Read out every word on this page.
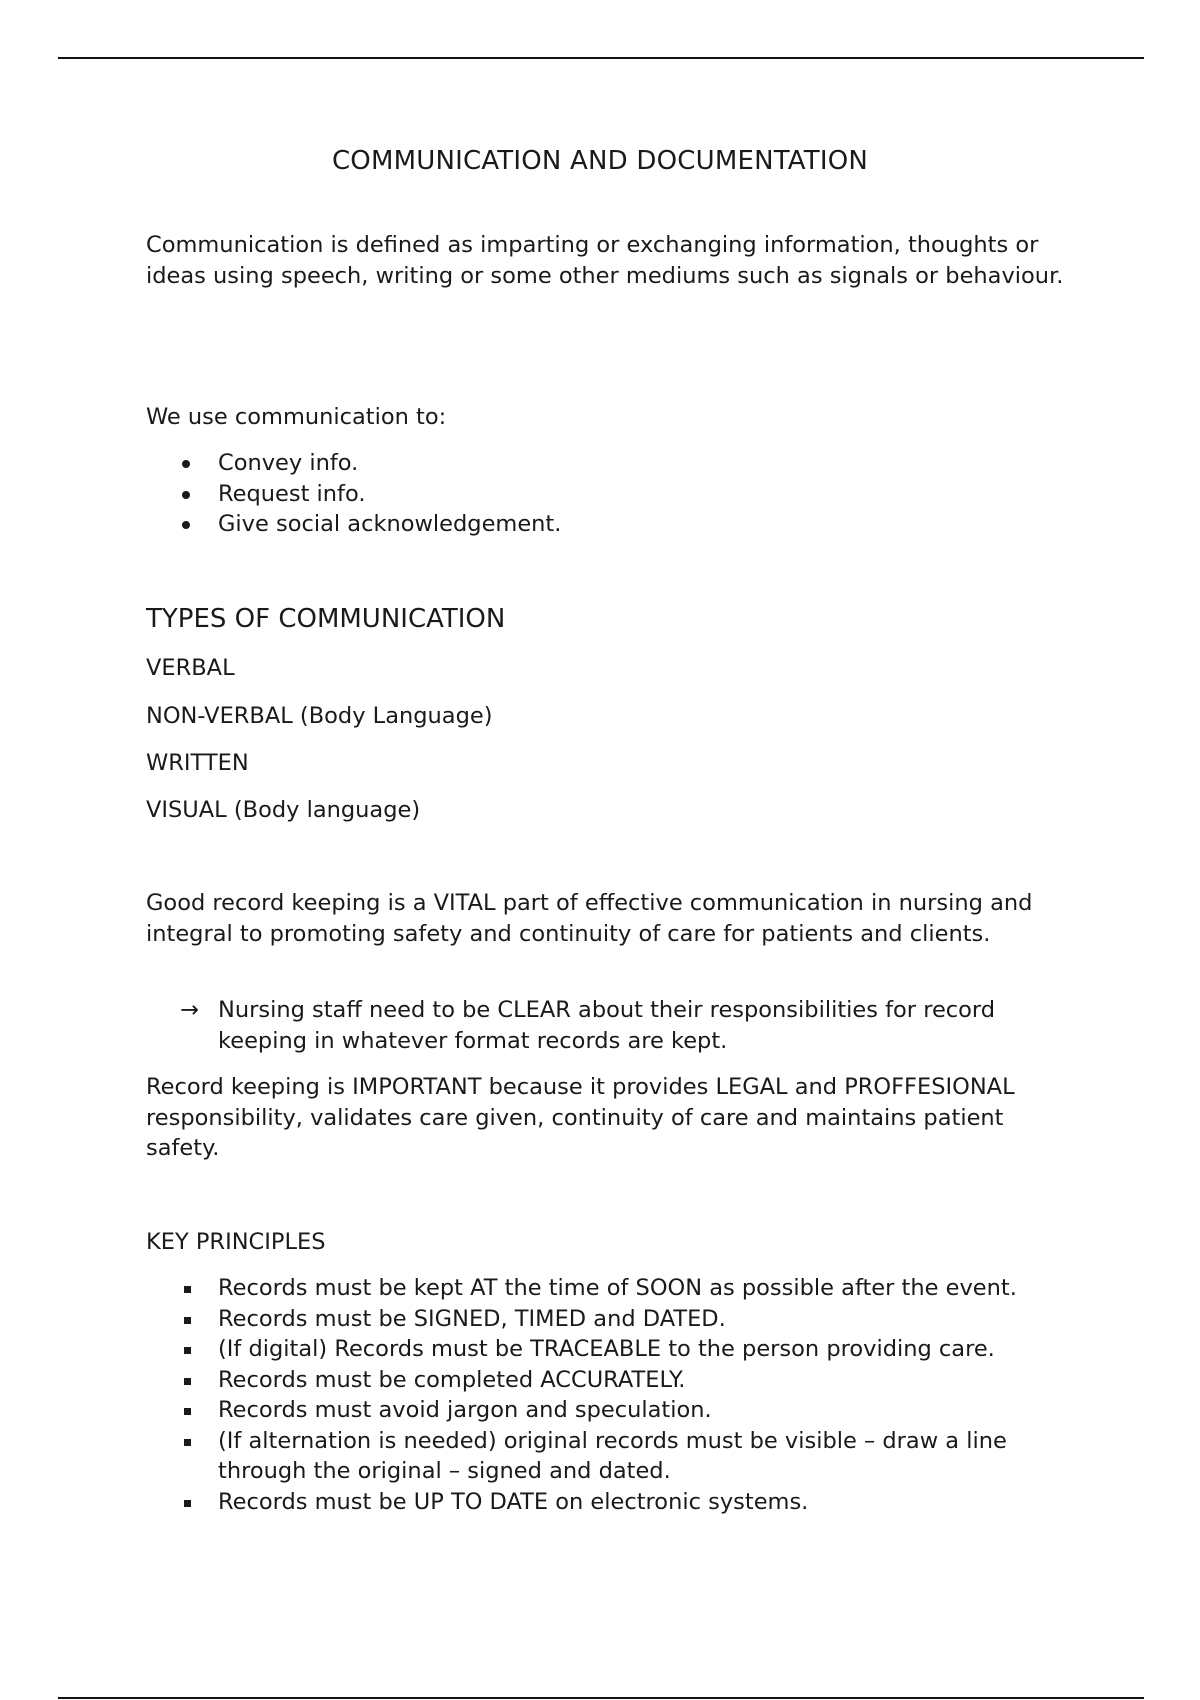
COMMUNICATION AND DOCUMENTATION

Communication is defined as imparting or exchanging information, thoughts or ideas using speech, writing or some other mediums such as signals or behaviour.

We use communication to:

Convey info.
Request info.
Give social acknowledgement.
TYPES OF COMMUNICATION

VERBAL

NON-VERBAL (Body Language)

WRITTEN

VISUAL (Body language)

Good record keeping is a VITAL part of effective communication in nursing and integral to promoting safety and continuity of care for patients and clients.

→ Nursing staff need to be CLEAR about their responsibilities for record keeping in whatever format records are kept.

Record keeping is IMPORTANT because it provides LEGAL and PROFFESIONAL responsibility, validates care given, continuity of care and maintains patient safety.

KEY PRINCIPLES

Records must be kept AT the time of SOON as possible after the event.
Records must be SIGNED, TIMED and DATED.
(If digital) Records must be TRACEABLE to the person providing care.
Records must be completed ACCURATELY.
Records must avoid jargon and speculation.
(If alternation is needed) original records must be visible – draw a line through the original – signed and dated.
Records must be UP TO DATE on electronic systems.
